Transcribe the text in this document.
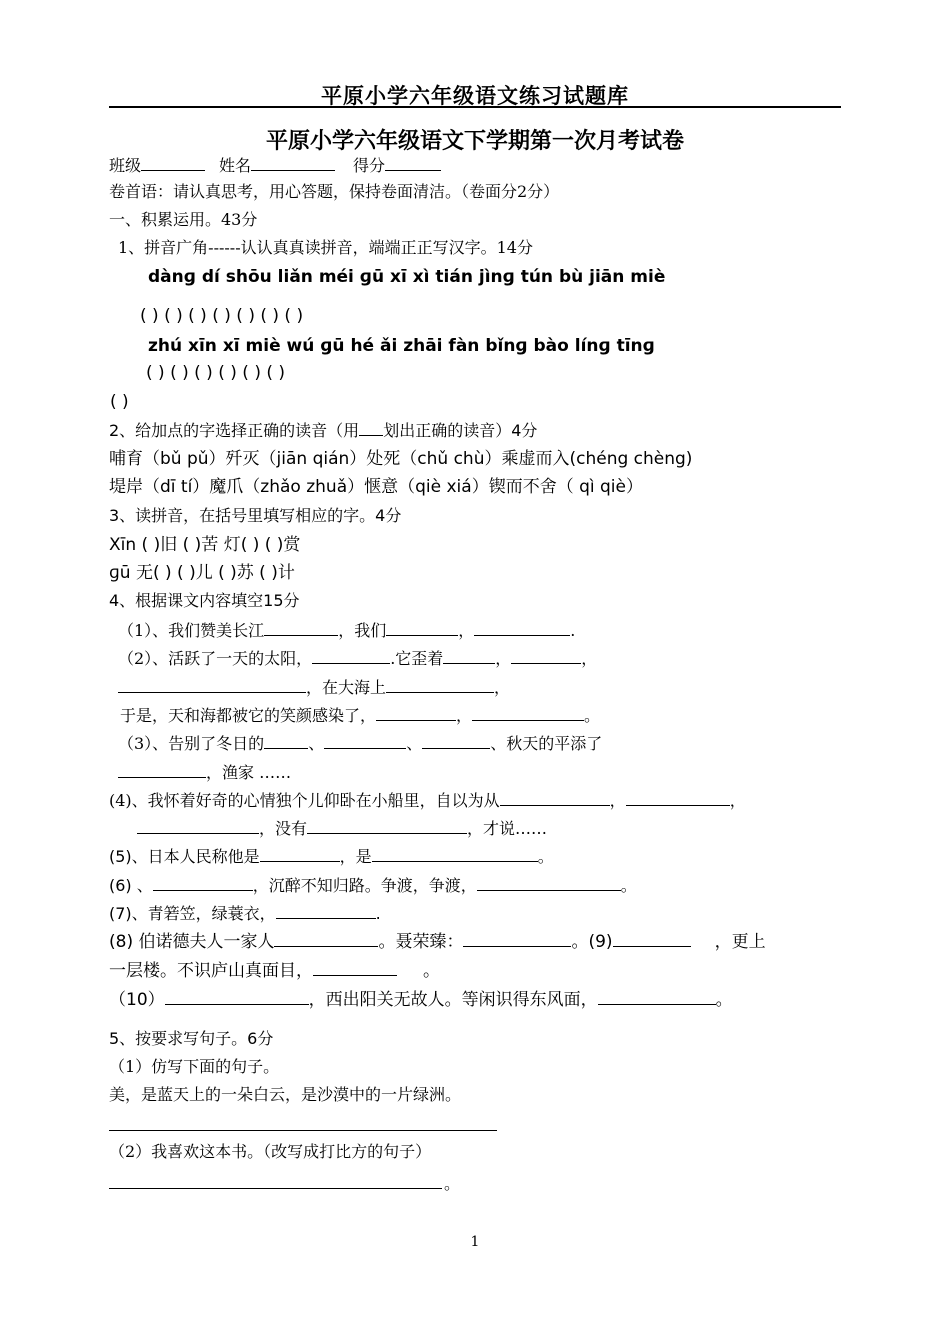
平原小学六年级语文练习试题库
平原小学六年级语文下学期第一次月考试卷
班级	姓名	得分
卷首语：请认真思考，用心答题，保持卷面清洁。（卷面分2分）
一、积累运用。43分
1、拼音广角------认认真真读拼音，端端正正写汉字。14分
dànɡ dí shōu liǎn méi ɡū xī xì tián jìnɡ tún bù jiān miè
( ) ( ) ( ) ( ) ( ) ( ) ( )
zhú xīn xī miè wú ɡū hé ǎi zhāi fàn bǐnɡ bào línɡ tīnɡ
( ) ( ) ( ) ( ) ( ) ( )
( )
2、给加点的字选择正确的读音（用 划出正确的读音）4分
哺育（bǔ pǔ）歼灭（jiān qián）处死（chǔ chù）乘虚而入(chéng chèng)
堤岸（dī tí）魔爪（zhǎo zhuǎ）惬意（qiè xiá）锲而不舍（ qì qiè）
3、读拼音，在括号里填写相应的字。4分
Xīn ( )旧 ( )苦 灯( ) ( )赏
ɡū 无( ) ( )儿 ( )苏 ( )计
4、根据课文内容填空15分
（1）、我们赞美长江	，我们	，	.
（2）、活跃了一天的太阳，	.它歪着	，	，
，在大海上	，
于是，天和海都被它的笑颜感染了，	，	。
（3）、告别了冬日的	、	、	、秋天的平添了
，渔家 ……
(4)、我怀着好奇的心情独个儿仰卧在小船里，自以为从	，	，
，没有	，才说……
(5)、日本人民称他是	，是	。
(6) 、	，沉醉不知归路。争渡，争渡，	。
(7)、青箬笠，绿蓑衣，	.
(8) 伯诺德夫人一家人	。聂荣臻：	。(9)	，更上
一层楼。不识庐山真面目，	。
（10）	，西出阳关无故人。等闲识得东风面，	。
5、按要求写句子。6分
（1）仿写下面的句子。
美，是蓝天上的一朵白云，是沙漠中的一片绿洲。
（2）我喜欢这本书。（改写成打比方的句子）
。
1
